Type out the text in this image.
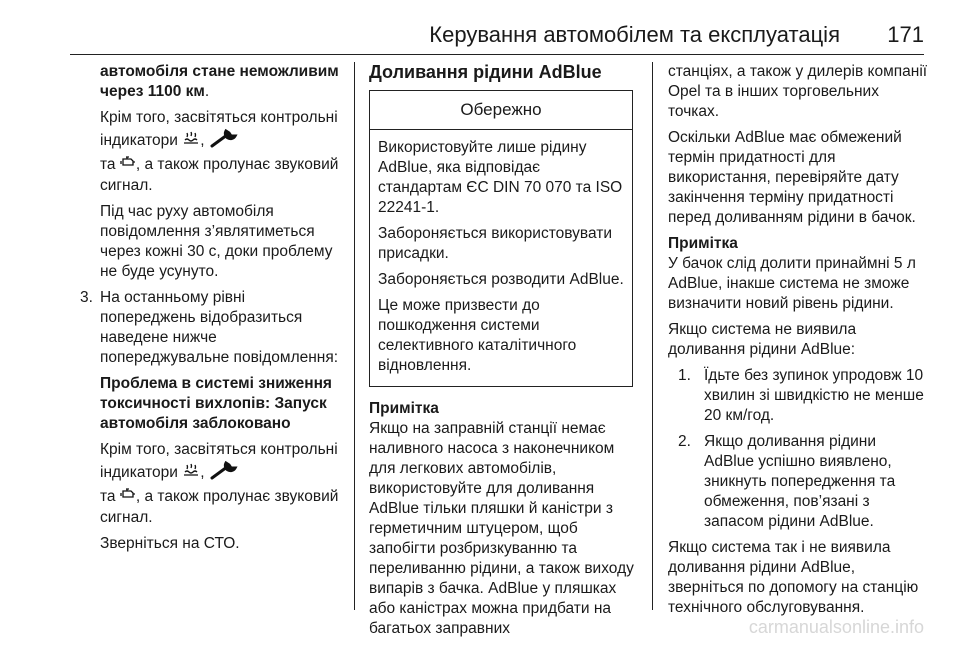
Керування автомобілем та експлуатація 171

автомобіля стане неможливим через 1100 км.

Крім того, засвітяться контрольні індикатори ,
та , а також пролунає звуковий сигнал.

Під час руху автомобіля повідомлення з’являтиметься через кожні 30 с, доки проблему не буде усунуто.

3. На останньому рівні попереджень відобразиться наведене нижче попереджувальне повідомлення:

Проблема в системі зниження токсичності вихлопів: Запуск автомобіля заблоковано

Крім того, засвітяться контрольні індикатори ,
та , а також пролунає звуковий сигнал.

Зверніться на СТО.

Доливання рідини AdBlue
Обережно

Використовуйте лише рідину AdBlue, яка відповідає стандартам ЄС DIN 70 070 та ISO 22241-1.

Забороняється використовувати присадки.

Забороняється розводити AdBlue.

Це може призвести до пошкодження системи селективного каталітичного відновлення.

Примітка

Якщо на заправній станції немає наливного насоса з наконечником для легкових автомобілів, використовуйте для доливання AdBlue тільки пляшки й каністри з герметичним штуцером, щоб запобігти розбризкуванню та переливанню рідини, а також виходу випарів з бачка. AdBlue у пляшках або каністрах можна придбати на багатьох заправних

станціях, а також у дилерів компанії Opel та в інших торговельних точках.

Оскільки AdBlue має обмежений термін придатності для використання, перевіряйте дату закінчення терміну придатності перед доливанням рідини в бачок.

Примітка

У бачок слід долити принаймні 5 л AdBlue, інакше система не зможе визначити новий рівень рідини.

Якщо система не виявила доливання рідини AdBlue:

1. Їдьте без зупинок упродовж 10 хвилин зі швидкістю не менше 20 км/год.
2. Якщо доливання рідини AdBlue успішно виявлено, зникнуть попередження та обмеження, пов’язані з запасом рідини AdBlue.

Якщо система так і не виявила доливання рідини AdBlue, зверніться по допомогу на станцію технічного обслуговування.

carmanualsonline.info
